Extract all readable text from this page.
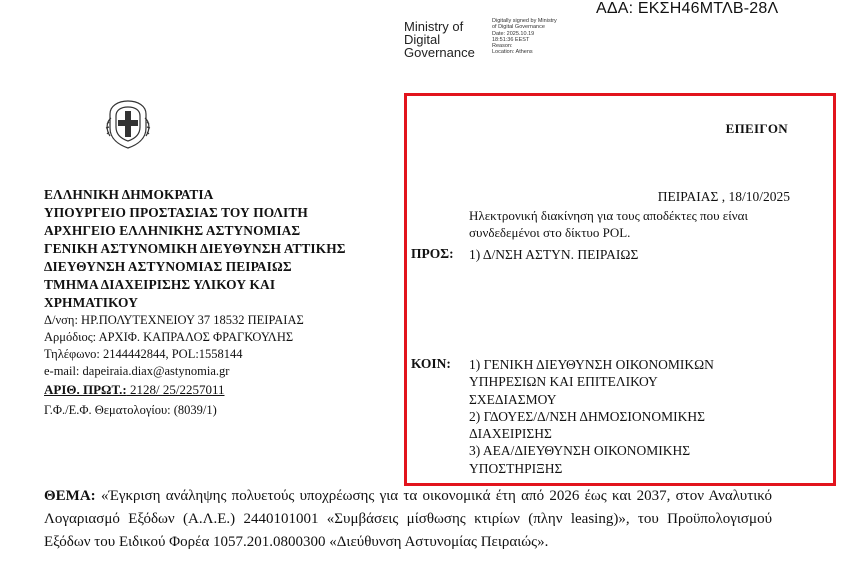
ΑΔΑ: ΕΚΣΗ46ΜΤΛΒ-28Λ
Ministry of
Digital
Governance
Digitally signed by Ministry
of Digital Governance
Date: 2025.10.19
18:51:36 EEST
Reason:
Location: Athens
ΕΛΛΗΝΙΚΗ ΔΗΜΟΚΡΑΤΙΑ
ΥΠΟΥΡΓΕΙΟ ΠΡΟΣΤΑΣΙΑΣ ΤΟΥ ΠΟΛΙΤΗ
ΑΡΧΗΓΕΙΟ ΕΛΛΗΝΙΚΗΣ ΑΣΤΥΝΟΜΙΑΣ
ΓΕΝΙΚΗ ΑΣΤΥΝΟΜΙΚΗ ΔΙΕΥΘΥΝΣΗ ΑΤΤΙΚΗΣ
ΔΙΕΥΘΥΝΣΗ ΑΣΤΥΝΟΜΙΑΣ ΠΕΙΡΑΙΩΣ
ΤΜΗΜΑ ΔΙΑΧΕΙΡΙΣΗΣ ΥΛΙΚΟΥ ΚΑΙ
ΧΡΗΜΑΤΙΚΟΥ
Δ/νση: ΗΡ.ΠΟΛΥΤΕΧΝΕΙΟΥ 37 18532 ΠΕΙΡΑΙΑΣ
Αρμόδιος: ΑΡΧΙΦ. ΚΑΠΡΑΛΟΣ ΦΡΑΓΚΟΥΛΗΣ
Τηλέφωνο: 2144442844, POL:1558144
e-mail: dapeiraia.diax@astynomia.gr
ΑΡΙΘ. ΠΡΩΤ.: 2128/ 25/2257011
Γ.Φ./Ε.Φ. Θεματολογίου: (8039/1)
ΕΠΕΙΓΟΝ
ΠΕΙΡΑΙΑΣ , 18/10/2025
Ηλεκτρονική διακίνηση για τους αποδέκτες που είναι συνδεδεμένοι στο δίκτυο POL.
ΠΡΟΣ: 1) Δ/ΝΣΗ ΑΣΤΥΝ. ΠΕΙΡΑΙΩΣ
ΚΟΙΝ: 1) ΓΕΝΙΚΗ ΔΙΕΥΘΥΝΣΗ ΟΙΚΟΝΟΜΙΚΩΝ
ΥΠΗΡΕΣΙΩΝ ΚΑΙ ΕΠΙΤΕΛΙΚΟΥ
ΣΧΕΔΙΑΣΜΟΥ
2) ΓΔΟΥΕΣ/Δ/ΝΣΗ ΔΗΜΟΣΙΟΝΟΜΙΚΗΣ
ΔΙΑΧΕΙΡΙΣΗΣ
3) ΑΕΑ/ΔΙΕΥΘΥΝΣΗ ΟΙΚΟΝΟΜΙΚΗΣ
ΥΠΟΣΤΗΡΙΞΗΣ
ΘΕΜΑ: «Έγκριση ανάληψης πολυετούς υποχρέωσης για τα οικονομικά έτη από 2026 έως και 2037, στον Αναλυτικό Λογαριασμό Εξόδων (Α.Λ.Ε.) 2440101001 «Συμβάσεις μίσθωσης κτιρίων (πλην leasing)», του Προϋπολογισμού Εξόδων του Ειδικού Φορέα 1057.201.0800300 «Διεύθυνση Αστυνομίας Πειραιώς».
